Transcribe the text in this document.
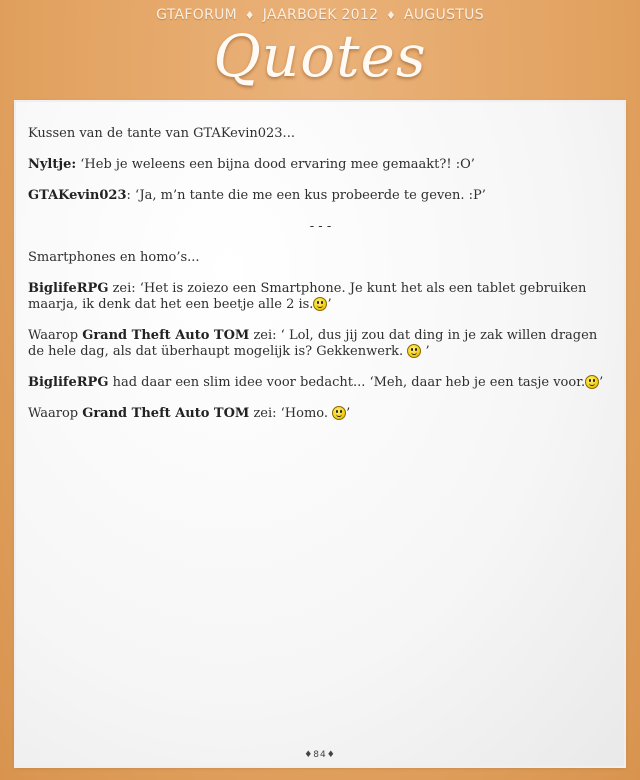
GTAFORUM ♦ JAARBOEK 2012 ♦ AUGUSTUS
Quotes

Kussen van de tante van GTAKevin023...

Nyltje: ‘Heb je weleens een bijna dood ervaring mee gemaakt?! :O’

GTAKevin023: ‘Ja, m’n tante die me een kus probeerde te geven. :P’

- - -

Smartphones en homo’s...

BiglifeRPG zei: ‘Het is zoiezo een Smartphone. Je kunt het als een tablet gebruiken maarja, ik denk dat het een beetje alle 2 is. ’

Waarop Grand Theft Auto TOM zei: ‘ Lol, dus jij zou dat ding in je zak willen dragen de hele dag, als dat überhaupt mogelijk is? Gekkenwerk.  ’

BiglifeRPG had daar een slim idee voor bedacht... ‘Meh, daar heb je een tasje voor. ’

Waarop Grand Theft Auto TOM zei: ‘Homo. ’

♦84♦
